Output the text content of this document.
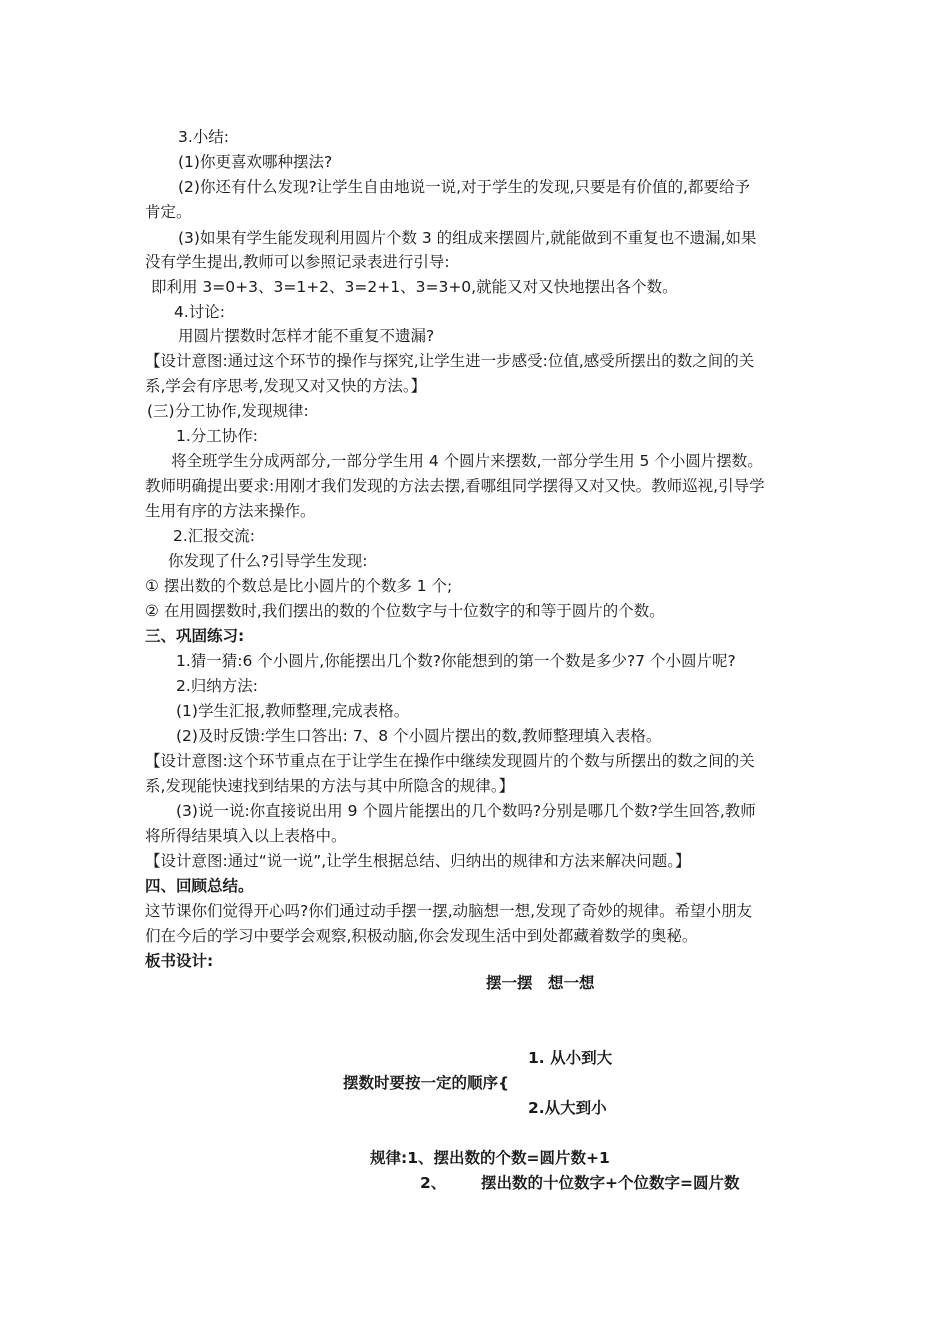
3.小结:
(1)你更喜欢哪种摆法?
(2)你还有什么发现?让学生自由地说一说,对于学生的发现,只要是有价值的,都要给予
肯定。
(3)如果有学生能发现利用圆片个数 3 的组成来摆圆片,就能做到不重复也不遗漏,如果
没有学生提出,教师可以参照记录表进行引导:
即利用 3=0+3、3=1+2、3=2+1、3=3+0,就能又对又快地摆出各个数。
4.讨论:
用圆片摆数时怎样才能不重复不遗漏?
【设计意图:通过这个环节的操作与探究,让学生进一步感受:位值,感受所摆出的数之间的关
系,学会有序思考,发现又对又快的方法。】
(三)分工协作,发现规律:
1.分工协作:
将全班学生分成两部分,一部分学生用 4 个圆片来摆数,一部分学生用 5 个小圆片摆数。
教师明确提出要求:用刚才我们发现的方法去摆,看哪组同学摆得又对又快。教师巡视,引导学
生用有序的方法来操作。
2.汇报交流:
你发现了什么?引导学生发现:
① 摆出数的个数总是比小圆片的个数多 1 个;
② 在用圆摆数时,我们摆出的数的个位数字与十位数字的和等于圆片的个数。
三、巩固练习:
1.猜一猜:6 个小圆片,你能摆出几个数?你能想到的第一个数是多少?7 个小圆片呢?
2.归纳方法:
(1)学生汇报,教师整理,完成表格。
(2)及时反馈:学生口答出: 7、8 个小圆片摆出的数,教师整理填入表格。
【设计意图:这个环节重点在于让学生在操作中继续发现圆片的个数与所摆出的数之间的关
系,发现能快速找到结果的方法与其中所隐含的规律。】
(3)说一说:你直接说出用 9 个圆片能摆出的几个数吗?分别是哪几个数?学生回答,教师
将所得结果填入以上表格中。
【设计意图:通过“说一说”,让学生根据总结、归纳出的规律和方法来解决问题。】
四、回顾总结。
这节课你们觉得开心吗?你们通过动手摆一摆,动脑想一想,发现了奇妙的规律。希望小朋友
们在今后的学习中要学会观察,积极动脑,你会发现生活中到处都藏着数学的奥秘。
板书设计:
摆一摆　想一想
1. 从小到大
摆数时要按一定的顺序{
2.从大到小
规律:1、摆出数的个数=圆片数+1
2、 摆出数的十位数字+个位数字=圆片数
